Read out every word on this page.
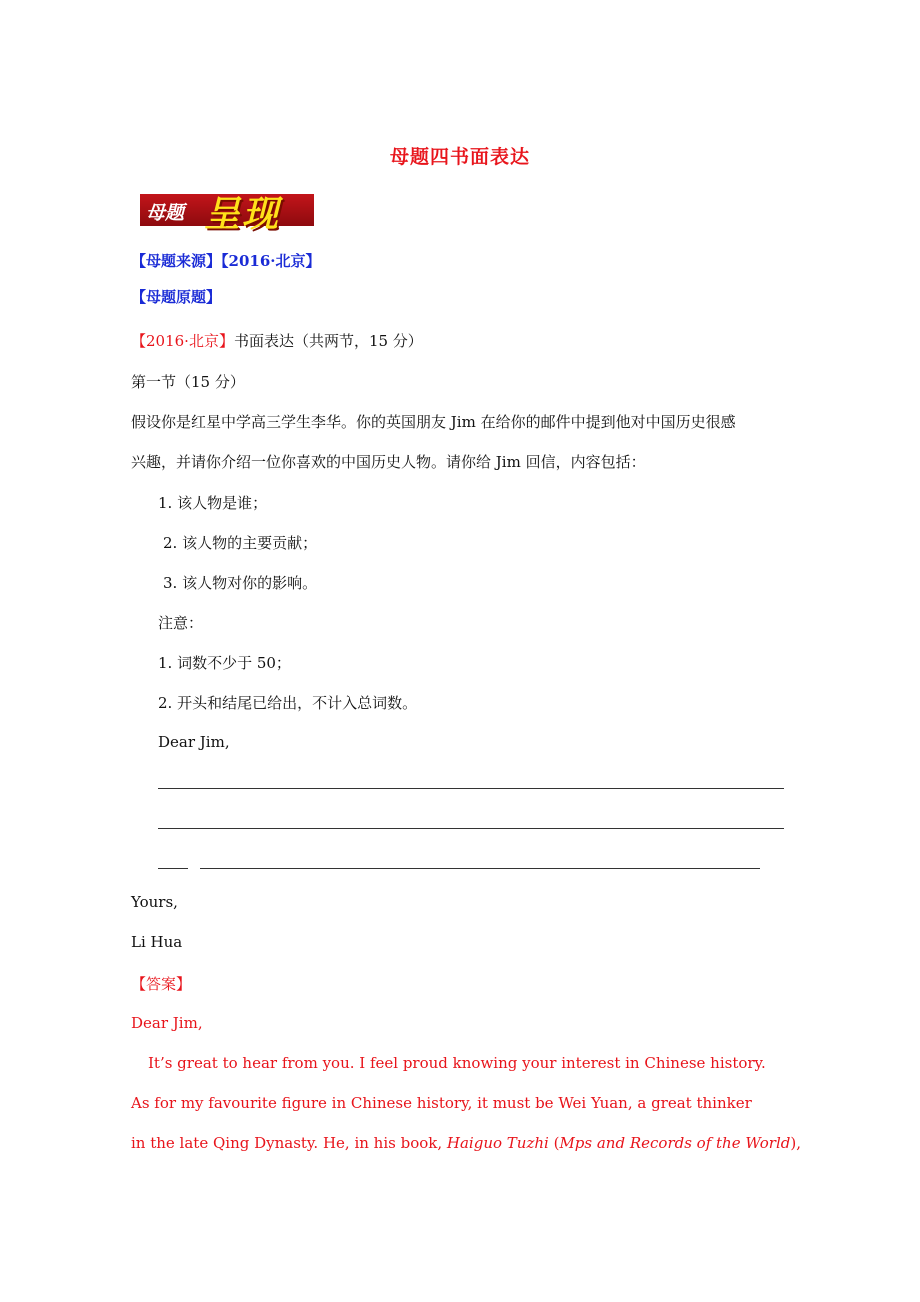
母题四书面表达
母题 呈现
【母题来源】【2016·北京】
【母题原题】
【2016·北京】书面表达（共两节，15 分）
第一节（15 分）
假设你是红星中学高三学生李华。你的英国朋友 Jim 在给你的邮件中提到他对中国历史很感
兴趣，并请你介绍一位你喜欢的中国历史人物。请你给 Jim 回信，内容包括：
1. 该人物是谁；
2. 该人物的主要贡献；
3. 该人物对你的影响。
注意：
1. 词数不少于 50；
2. 开头和结尾已给出，不计入总词数。
Dear Jim,
Yours,
Li Hua
【答案】
Dear Jim,
It’s great to hear from you. I feel proud knowing your interest in Chinese history.
As for my favourite figure in Chinese history, it must be Wei Yuan, a great thinker
in the late Qing Dynasty. He, in his book, Haiguo Tuzhi (Mps and Records of the World),
